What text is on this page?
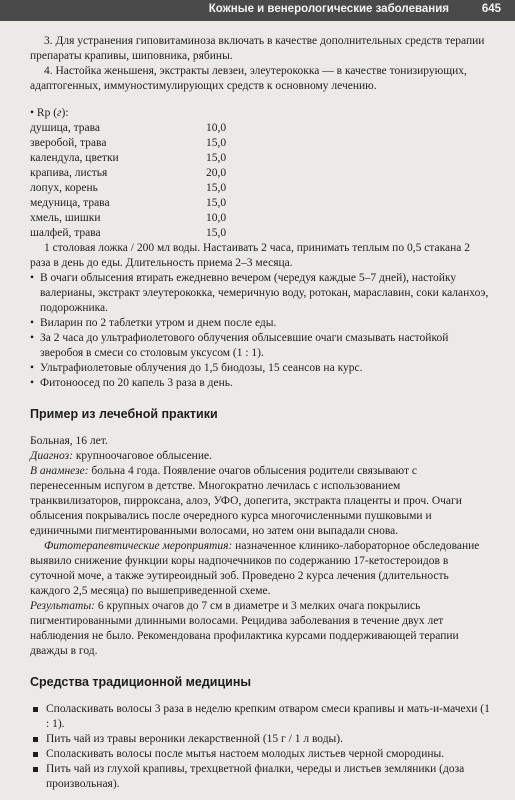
Кожные и венерологические заболевания	645

3. Для устранения гиповитаминоза включать в качестве дополнительных средств терапии препараты крапивы, шиповника, рябины.

4. Настойка женьшеня, экстракты левзеи, элеутерококка — в качестве тонизирующих, адаптогенных, иммуностимулирующих средств к основному лечению.

• Rp (г):
душица, трава	10,0
зверобой, трава	15,0
календула, цветки	15,0
крапива, листья	20,0
лопух, корень	15,0
медуница, трава	15,0
хмель, шишки	10,0
шалфей, трава	15,0

1 столовая ложка / 200 мл воды. Настаивать 2 часа, принимать теплым по 0,5 стакана 2 раза в день до еды. Длительность приема 2–3 месяца.

• В очаги облысения втирать ежедневно вечером (чередуя каждые 5–7 дней), настойку валерианы, экстракт элеутерококка, чемеричную воду, ротокан, мараславин, соки каланхоэ, подорожника.
• Виларин по 2 таблетки утром и днем после еды.
• За 2 часа до ультрафиолетового облучения облысевшие очаги смазывать настойкой зверобоя в смеси со столовым уксусом (1 : 1).
• Ультрафиолетовые облучения до 1,5 биодозы, 15 сеансов на курс.
• Фитоноосед по 20 капель 3 раза в день.
Пример из лечебной практики

Больная, 16 лет.

Диагноз: крупноочаговое облысение.

В анамнезе: больна 4 года. Появление очагов облысения родители связывают с перенесенным испугом в детстве. Многократно лечилась с использованием транквилизаторов, пирроксана, алоэ, УФО, допегита, экстракта плаценты и проч. Очаги облысения покрывались после очередного курса многочисленными пушковыми и единичными пигментированными волосами, но затем они выпадали снова.

Фитотерапевтические мероприятия: назначенное клинико-лабораторное обследование выявило снижение функции коры надпочечников по содержанию 17-кетостероидов в суточной моче, а также эутиреоидный зоб. Проведено 2 курса лечения (длительность каждого 2,5 месяца) по вышеприведенной схеме.

Результаты: 6 крупных очагов до 7 см в диаметре и 3 мелких очага покрылись пигментированными длинными волосами. Рецидива заболевания в течение двух лет наблюдения не было. Рекомендована профилактика курсами поддерживающей терапии дважды в год.

Средства традиционной медицины
Споласкивать волосы 3 раза в неделю крепким отваром смеси крапивы и мать-и-мачехи (1 : 1).
Пить чай из травы вероники лекарственной (15 г / 1 л воды).
Споласкивать волосы после мытья настоем молодых листьев черной смородины.
Пить чай из глухой крапивы, трехцветной фиалки, череды и листьев земляники (доза произвольная).
